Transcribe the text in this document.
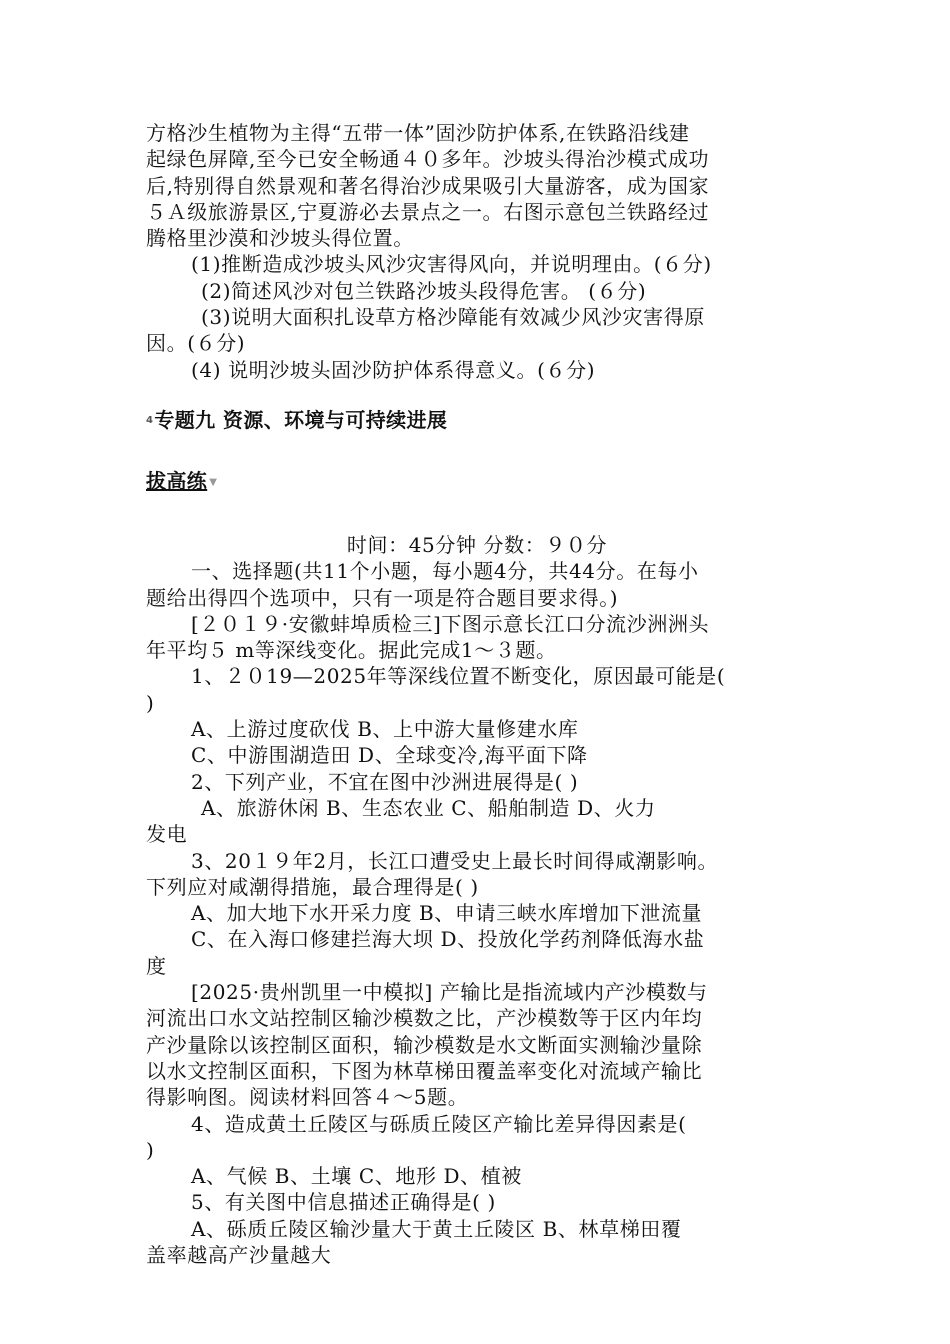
方格沙生植物为主得“五带一体”固沙防护体系,在铁路沿线建
起绿色屏障,至今已安全畅通４０多年。沙坡头得治沙模式成功
后,特别得自然景观和著名得治沙成果吸引大量游客，成为国家
５Ａ级旅游景区,宁夏游必去景点之一。右图示意包兰铁路经过
腾格里沙漠和沙坡头得位置。
(1)推断造成沙坡头风沙灾害得风向，并说明理由。(６分)
(2)简述风沙对包兰铁路沙坡头段得危害。 (６分)
(3)说明大面积扎设草方格沙障能有效减少风沙灾害得原
因。(６分)
(4) 说明沙坡头固沙防护体系得意义。(６分)
4专题九 资源、环境与可持续进展
拔高练 ▼
时间：45分钟 分数：９０分
一、选择题(共11个小题，每小题4分，共44分。在每小
题给出得四个选项中，只有一项是符合题目要求得。)
[２０１９·安徽蚌埠质检三]下图示意长江口分流沙洲洲头
年平均５ m等深线变化。据此完成1～３题。
1、２０19—2025年等深线位置不断变化，原因最可能是(
)
A、上游过度砍伐 B、上中游大量修建水库
C、中游围湖造田 D、全球变冷,海平面下降
2、下列产业，不宜在图中沙洲进展得是( )
A、旅游休闲 B、生态农业 C、船舶制造 D、火力
发电
3、20１９年2月，长江口遭受史上最长时间得咸潮影响。
下列应对咸潮得措施，最合理得是( )
A、加大地下水开采力度 B、申请三峡水库增加下泄流量
C、在入海口修建拦海大坝 D、投放化学药剂降低海水盐
度
[2025·贵州凯里一中模拟] 产输比是指流域内产沙模数与
河流出口水文站控制区输沙模数之比，产沙模数等于区内年均
产沙量除以该控制区面积，输沙模数是水文断面实测输沙量除
以水文控制区面积，下图为林草梯田覆盖率变化对流域产输比
得影响图。阅读材料回答４～5题。
4、造成黄土丘陵区与砾质丘陵区产输比差异得因素是(
)
A、气候 B、土壤 C、地形 D、植被
5、有关图中信息描述正确得是( )
A、砾质丘陵区输沙量大于黄土丘陵区 B、林草梯田覆
盖率越高产沙量越大
